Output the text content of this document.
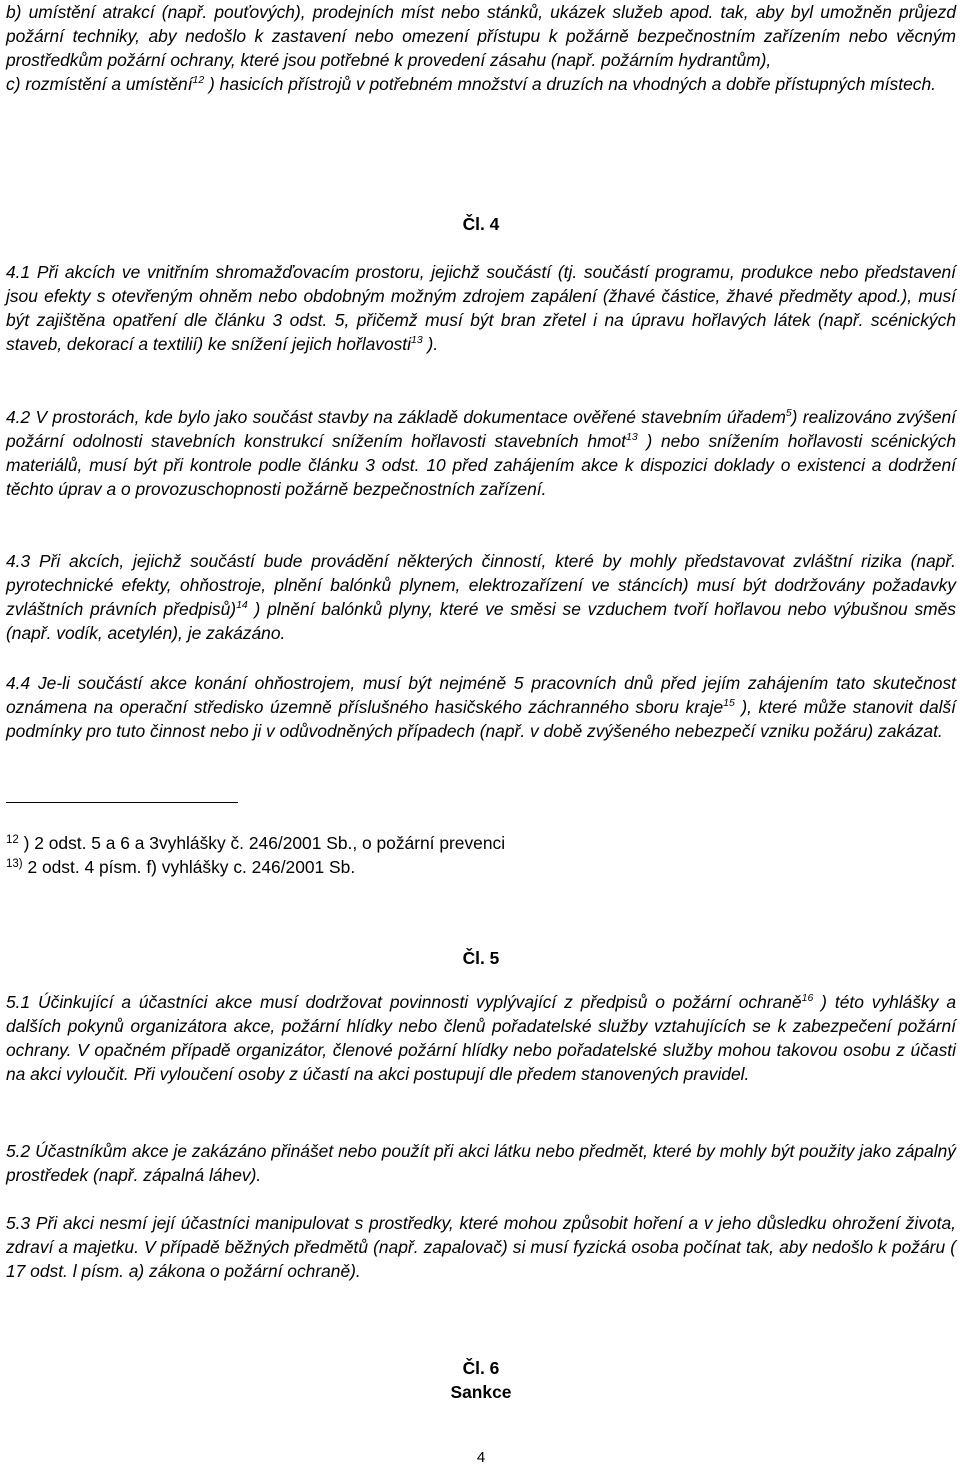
b) umístění atrakcí (např. pouťových), prodejních míst nebo stánků, ukázek služeb apod. tak, aby byl umožněn průjezd požární techniky, aby nedošlo k zastavení nebo omezení přístupu k požárně bezpečnostním zařízením nebo věcným prostředkům požární ochrany, které jsou potřebné k provedení zásahu (např. požárním hydrantům),

c) rozmístění a umístění$^{12}$ ) hasicích přístrojů v potřebném množství a druzích na vhodných a dobře přístupných místech.

Čl. 4

4.1 Při akcích ve vnitřním shromažďovacím prostoru, jejichž součástí (tj. součástí programu, produkce nebo představení jsou efekty s otevřeným ohněm nebo obdobným možným zdrojem zapálení (žhavé částice, žhavé předměty apod.), musí být zajištěna opatření dle článku 3 odst. 5, přičemž musí být bran zřetel i na úpravu hořlavých látek (např. scénických staveb, dekorací a textilií) ke snížení jejich hořlavosti$^{13}$ ).

4.2 V prostorách, kde bylo jako součást stavby na základě dokumentace ověřené stavebním úřadem$^5$) realizováno zvýšení požární odolnosti stavebních konstrukcí snížením hořlavosti stavebních hmot$^{13}$ ) nebo snížením hořlavosti scénických materiálů, musí být při kontrole podle článku 3 odst. 10 před zahájením akce k dispozici doklady o existenci a dodržení těchto úprav a o provozuschopnosti požárně bezpečnostních zařízení.

4.3 Při akcích, jejichž součástí bude provádění některých činností, které by mohly představovat zvláštní rizika (např. pyrotechnické efekty, ohňostroje, plnění balónků plynem, elektrozařízení ve stáncích) musí být dodržovány požadavky zvláštních právních předpisů)$^{14}$ ) plnění balónků plyny, které ve směsi se vzduchem tvoří hořlavou nebo výbušnou směs (např. vodík, acetylén), je zakázáno.

4.4 Je-li součástí akce konání ohňostrojem, musí být nejméně 5 pracovních dnů před jejím zahájením tato skutečnost oznámena na operační středisko územně příslušného hasičského záchranného sboru kraje$^{15}$ ), které může stanovit další podmínky pro tuto činnost nebo ji v odůvodněných případech (např. v době zvýšeného nebezpečí vzniku požáru) zakázat.

$^{12}$ ) 2 odst. 5 a 6 a 3vyhlášky č. 246/2001 Sb., o požární prevenci
$^{13)}$ 2 odst. 4 písm. f) vyhlášky c. 246/2001 Sb.
Čl. 5

5.1 Účinkující a účastníci akce musí dodržovat povinnosti vyplývající z předpisů o požární ochraně$^{16}$ ) této vyhlášky a dalších pokynů organizátora akce, požární hlídky nebo členů pořadatelské služby vztahujících se k zabezpečení požární ochrany. V opačném případě organizátor, členové požární hlídky nebo pořadatelské služby mohou takovou osobu z účasti na akci vyloučit. Při vyloučení osoby z účastí na akci postupují dle předem stanovených pravidel.

5.2 Účastníkům akce je zakázáno přinášet nebo použít při akci látku nebo předmět, které by mohly být použity jako zápalný prostředek (např. zápalná láhev).

5.3 Při akci nesmí její účastníci manipulovat s prostředky, které mohou způsobit hoření a v jeho důsledku ohrožení života, zdraví a majetku. V případě běžných předmětů (např. zapalovač) si musí fyzická osoba počínat tak, aby nedošlo k požáru ( 17 odst. l písm. a) zákona o požární ochraně).

Čl. 6
Sankce
4
